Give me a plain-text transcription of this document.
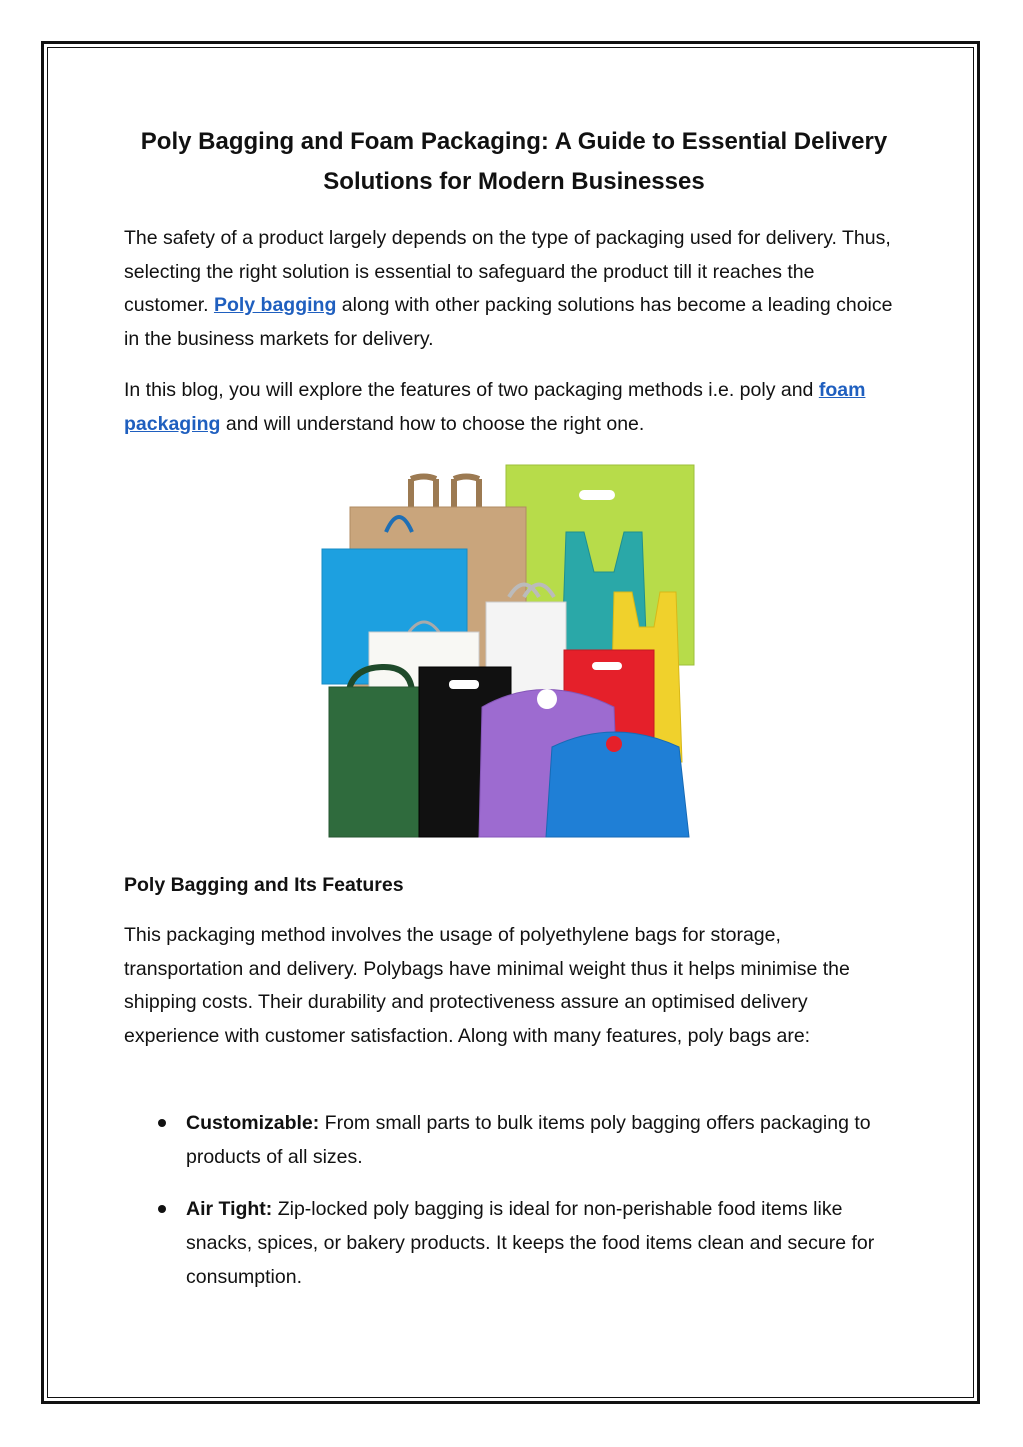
Poly Bagging and Foam Packaging: A Guide to Essential Delivery Solutions for Modern Businesses

The safety of a product largely depends on the type of packaging used for delivery. Thus, selecting the right solution is essential to safeguard the product till it reaches the customer. Poly bagging along with other packing solutions has become a leading choice in the business markets for delivery.

In this blog, you will explore the features of two packaging methods i.e. poly and foam packaging and will understand how to choose the right one.

Poly Bagging and Its Features

This packaging method involves the usage of polyethylene bags for storage, transportation and delivery. Polybags have minimal weight thus it helps minimise the shipping costs. Their durability and protectiveness assure an optimised delivery experience with customer satisfaction. Along with many features, poly bags are:

Customizable: From small parts to bulk items poly bagging offers packaging to products of all sizes.
Air Tight: Zip-locked poly bagging is ideal for non-perishable food items like snacks, spices, or bakery products. It keeps the food items clean and secure for consumption.
